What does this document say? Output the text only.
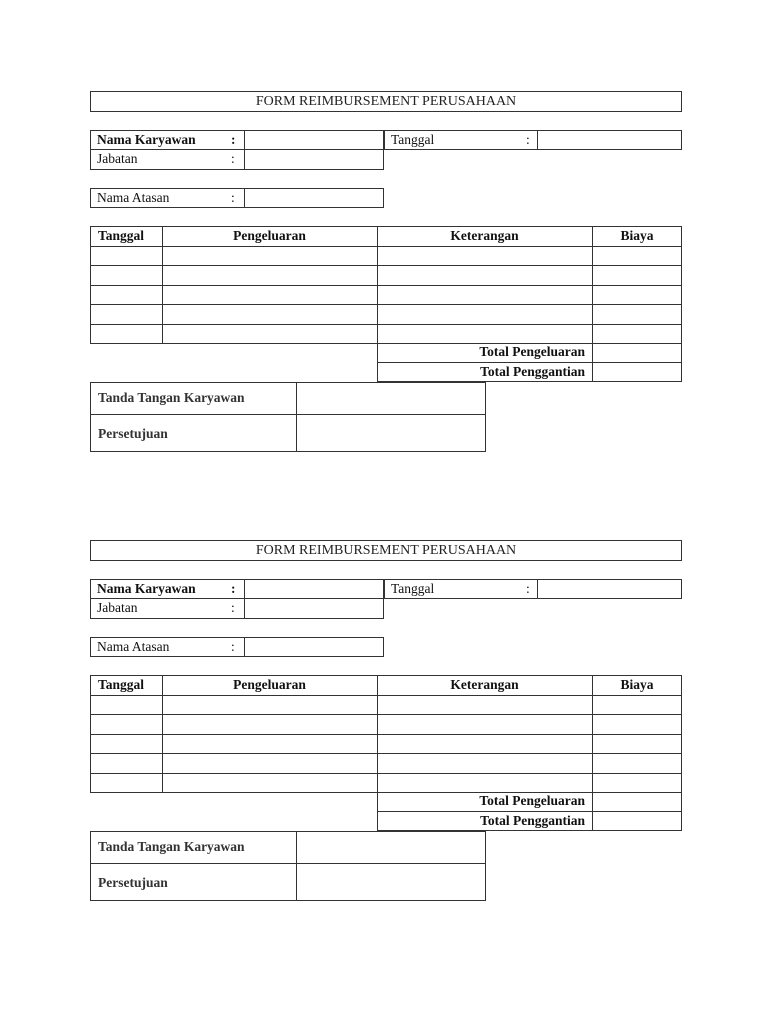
FORM REIMBURSEMENT PERUSAHAAN
Nama Karyawan	:
Jabatan	:
Tanggal	:
Nama Atasan	:
Tanggal	Pengeluaran	Keterangan	Biaya
Total Pengeluaran
Total Penggantian
Tanda Tangan Karyawan
Persetujuan
FORM REIMBURSEMENT PERUSAHAAN
Nama Karyawan	:
Jabatan	:
Tanggal	:
Nama Atasan	:
Tanggal	Pengeluaran	Keterangan	Biaya
Total Pengeluaran
Total Penggantian
Tanda Tangan Karyawan
Persetujuan
